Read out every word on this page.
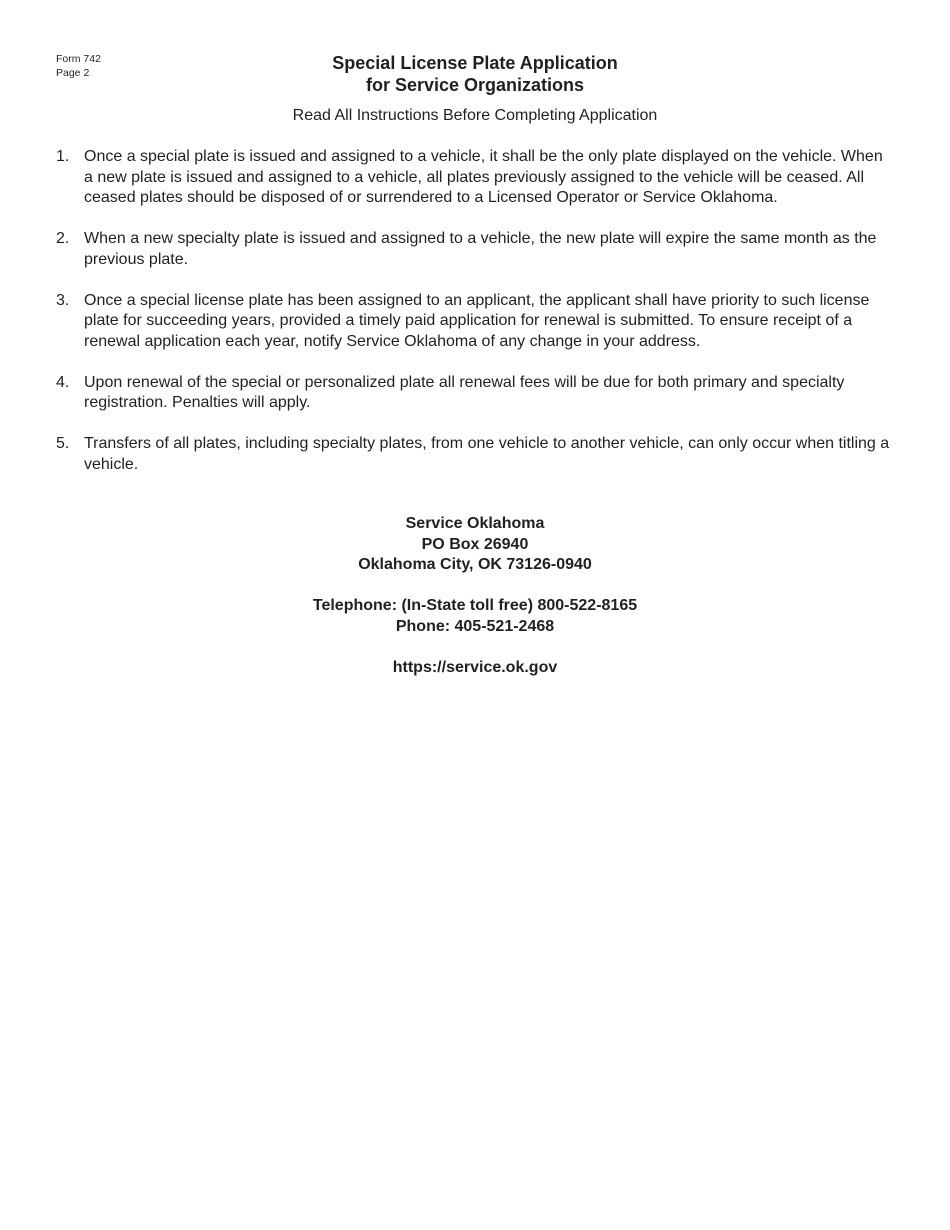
Form 742
Page 2	Special License Plate Application
for Service Organizations
Read All Instructions Before Completing Application
1. Once a special plate is issued and assigned to a vehicle, it shall be the only plate displayed on the vehicle. When a new plate is issued and assigned to a vehicle, all plates previously assigned to the vehicle will be ceased. All ceased plates should be disposed of or surrendered to a Licensed Operator or Service Oklahoma.
2. When a new specialty plate is issued and assigned to a vehicle, the new plate will expire the same month as the previous plate.
3. Once a special license plate has been assigned to an applicant, the applicant shall have priority to such license plate for succeeding years, provided a timely paid application for renewal is submitted. To ensure receipt of a renewal application each year, notify Service Oklahoma of any change in your address.
4. Upon renewal of the special or personalized plate all renewal fees will be due for both primary and specialty registration. Penalties will apply.
5. Transfers of all plates, including specialty plates, from one vehicle to another vehicle, can only occur when titling a vehicle.
Service Oklahoma
PO Box 26940
Oklahoma City, OK 73126-0940
Telephone: (In-State toll free) 800-522-8165
Phone: 405-521-2468
https://service.ok.gov
